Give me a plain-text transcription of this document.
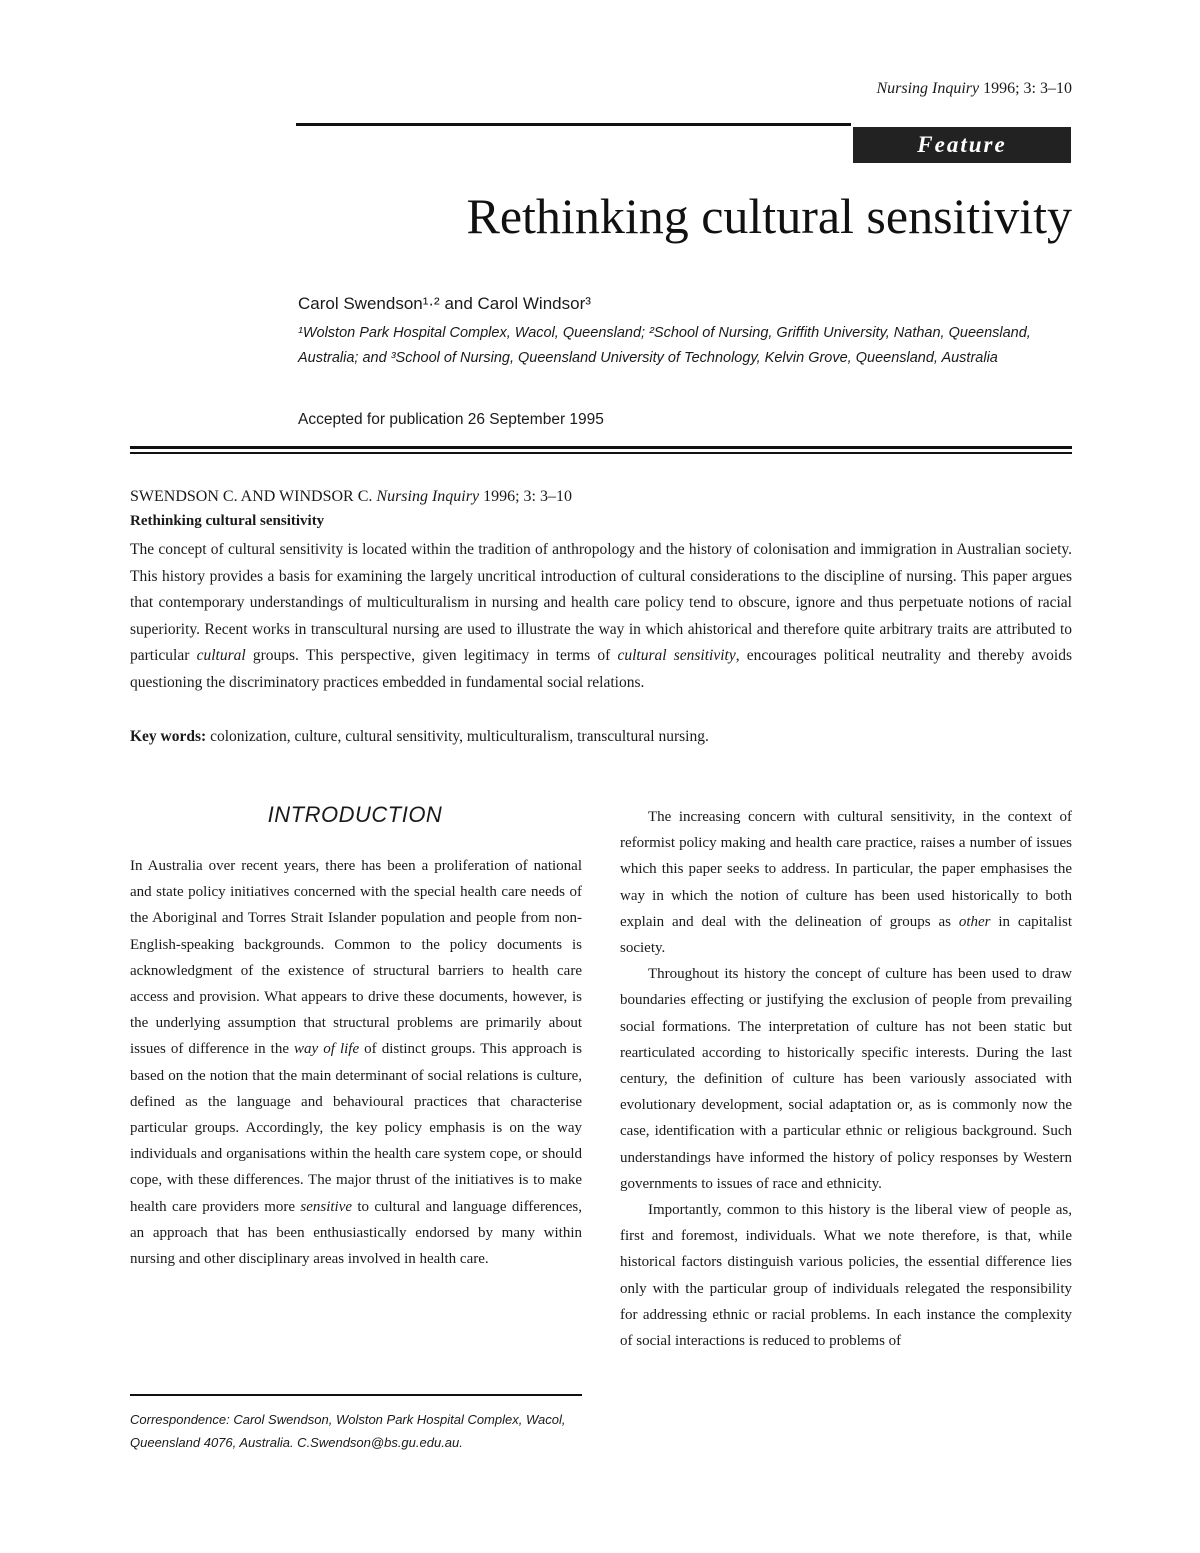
Nursing Inquiry 1996; 3: 3–10
Feature
Rethinking cultural sensitivity
Carol Swendson¹·² and Carol Windsor³
¹Wolston Park Hospital Complex, Wacol, Queensland; ²School of Nursing, Griffith University, Nathan, Queensland, Australia; and ³School of Nursing, Queensland University of Technology, Kelvin Grove, Queensland, Australia
Accepted for publication 26 September 1995
SWENDSON C. AND WINDSOR C. Nursing Inquiry 1996; 3: 3–10
Rethinking cultural sensitivity
The concept of cultural sensitivity is located within the tradition of anthropology and the history of colonisation and immigration in Australian society. This history provides a basis for examining the largely uncritical introduction of cultural considerations to the discipline of nursing. This paper argues that contemporary understandings of multiculturalism in nursing and health care policy tend to obscure, ignore and thus perpetuate notions of racial superiority. Recent works in transcultural nursing are used to illustrate the way in which ahistorical and therefore quite arbitrary traits are attributed to particular cultural groups. This perspective, given legitimacy in terms of cultural sensitivity, encourages political neutrality and thereby avoids questioning the discriminatory practices embedded in fundamental social relations.
Key words: colonization, culture, cultural sensitivity, multiculturalism, transcultural nursing.
INTRODUCTION

In Australia over recent years, there has been a proliferation of national and state policy initiatives concerned with the special health care needs of the Aboriginal and Torres Strait Islander population and people from non-English-speaking backgrounds. Common to the policy documents is acknowledgment of the existence of structural barriers to health care access and provision. What appears to drive these documents, however, is the underlying assumption that structural problems are primarily about issues of difference in the way of life of distinct groups. This approach is based on the notion that the main determinant of social relations is culture, defined as the language and behavioural practices that characterise particular groups. Accordingly, the key policy emphasis is on the way individuals and organisations within the health care system cope, or should cope, with these differences. The major thrust of the initiatives is to make health care providers more sensitive to cultural and language differences, an approach that has been enthusiastically endorsed by many within nursing and other disciplinary areas involved in health care.

Correspondence: Carol Swendson, Wolston Park Hospital Complex, Wacol, Queensland 4076, Australia. C.Swendson@bs.gu.edu.au.

The increasing concern with cultural sensitivity, in the context of reformist policy making and health care practice, raises a number of issues which this paper seeks to address. In particular, the paper emphasises the way in which the notion of culture has been used historically to both explain and deal with the delineation of groups as other in capitalist society.

Throughout its history the concept of culture has been used to draw boundaries effecting or justifying the exclusion of people from prevailing social formations. The interpretation of culture has not been static but rearticulated according to historically specific interests. During the last century, the definition of culture has been variously associated with evolutionary development, social adaptation or, as is commonly now the case, identification with a particular ethnic or religious background. Such understandings have informed the history of policy responses by Western governments to issues of race and ethnicity.

Importantly, common to this history is the liberal view of people as, first and foremost, individuals. What we note therefore, is that, while historical factors distinguish various policies, the essential difference lies only with the particular group of individuals relegated the responsibility for addressing ethnic or racial problems. In each instance the complexity of social interactions is reduced to problems of
